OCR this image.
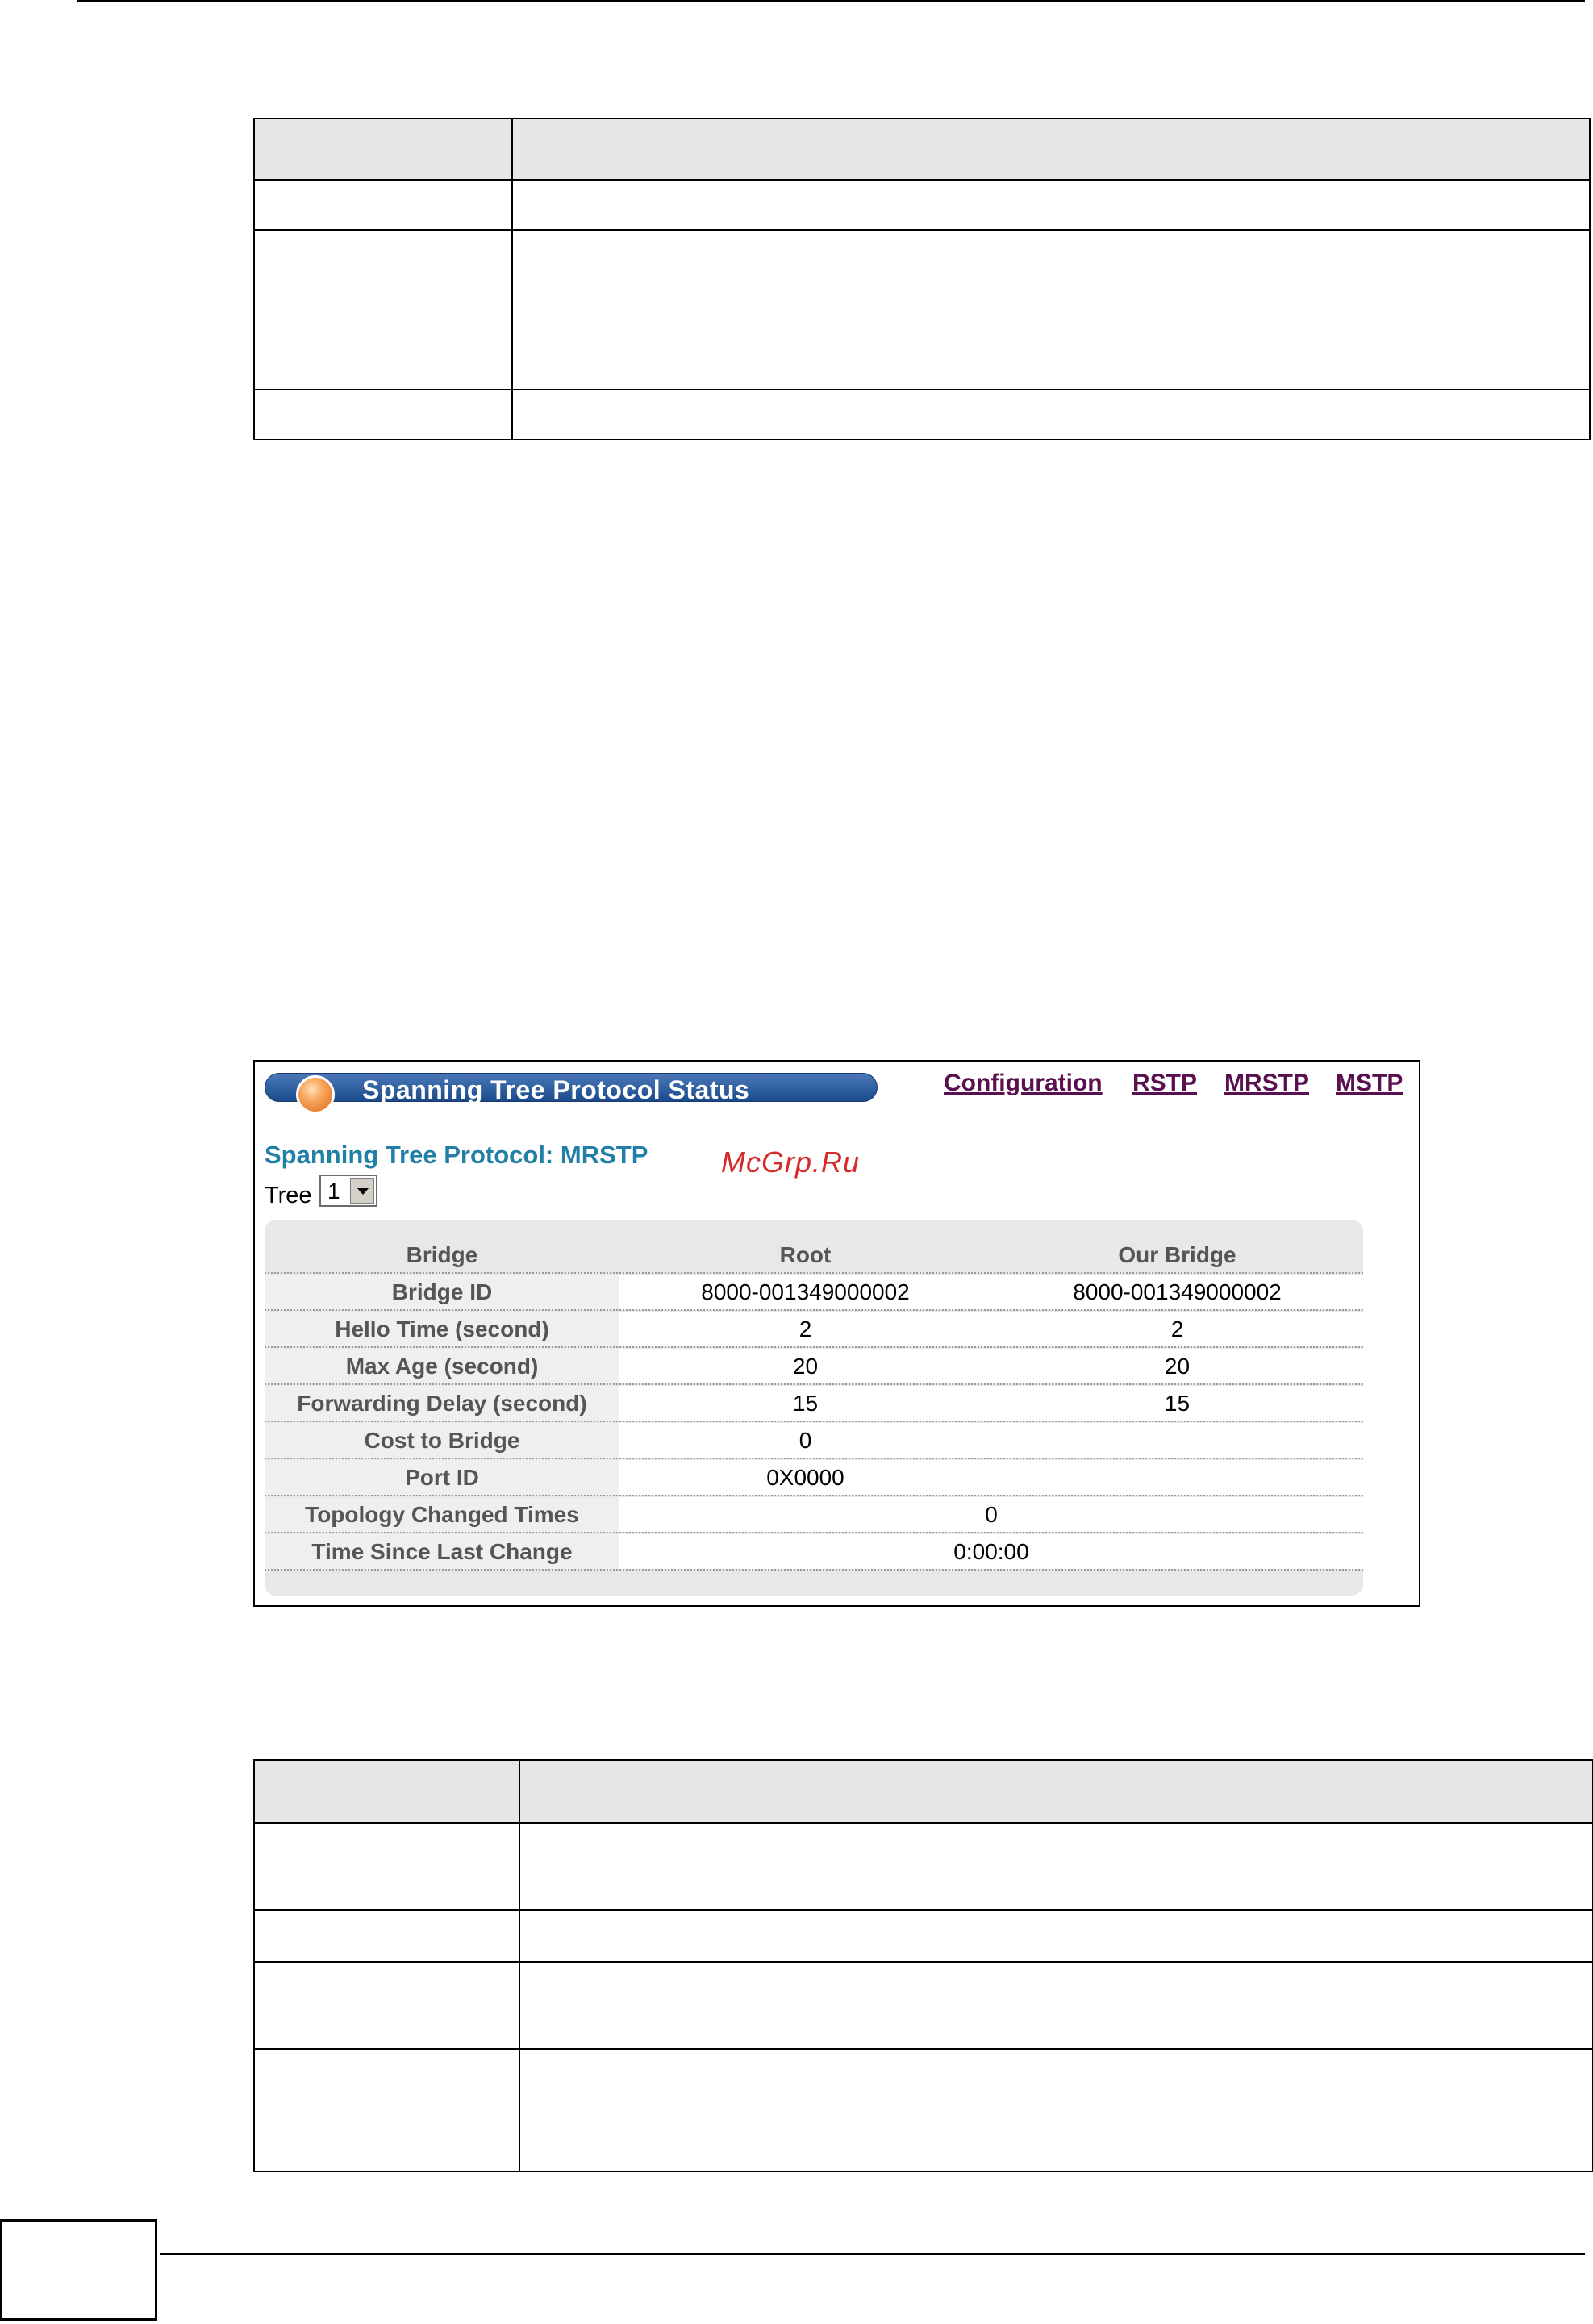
Spanning Tree Protocol Status	Configuration RSTP MRSTP MSTP
Spanning Tree Protocol: MRSTP	McGrp.Ru
Tree 1
Bridge	Root	Our Bridge
Bridge ID	8000-001349000002	8000-001349000002
Hello Time (second)	2	2
Max Age (second)	20	20
Forwarding Delay (second)	15	15
Cost to Bridge	0
Port ID	0X0000
Topology Changed Times	0
Time Since Last Change	0:00:00
